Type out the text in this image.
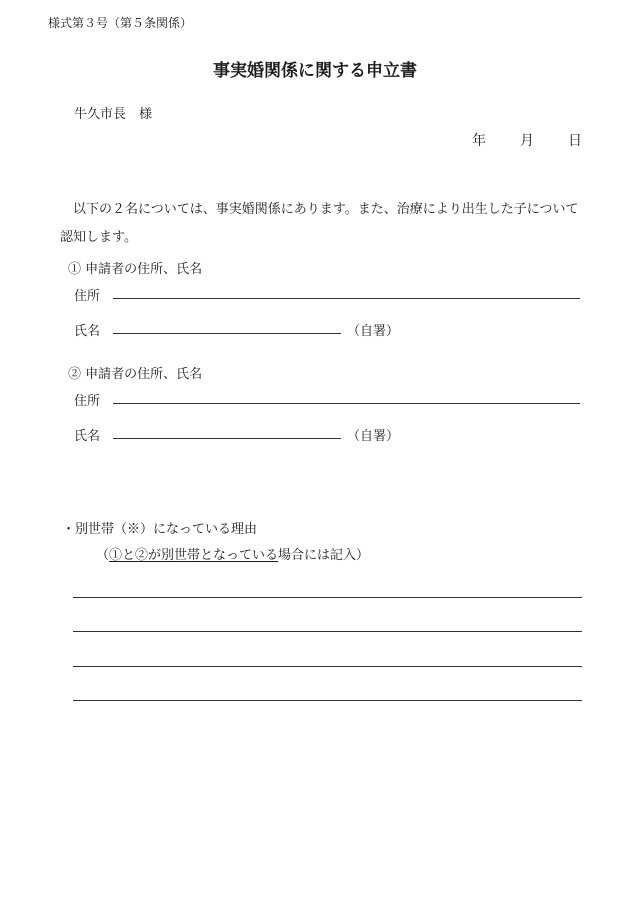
様式第３号（第５条関係）
事実婚関係に関する申立書
牛久市長　様
年 月 日
以下の２名については、事実婚関係にあります。また、治療により出生した子について認知します。
① 申請者の住所、氏名
住所
氏名	（自署）
② 申請者の住所、氏名
住所
氏名	（自署）
・別世帯（※）になっている理由
（①と②が別世帯となっている場合には記入）
